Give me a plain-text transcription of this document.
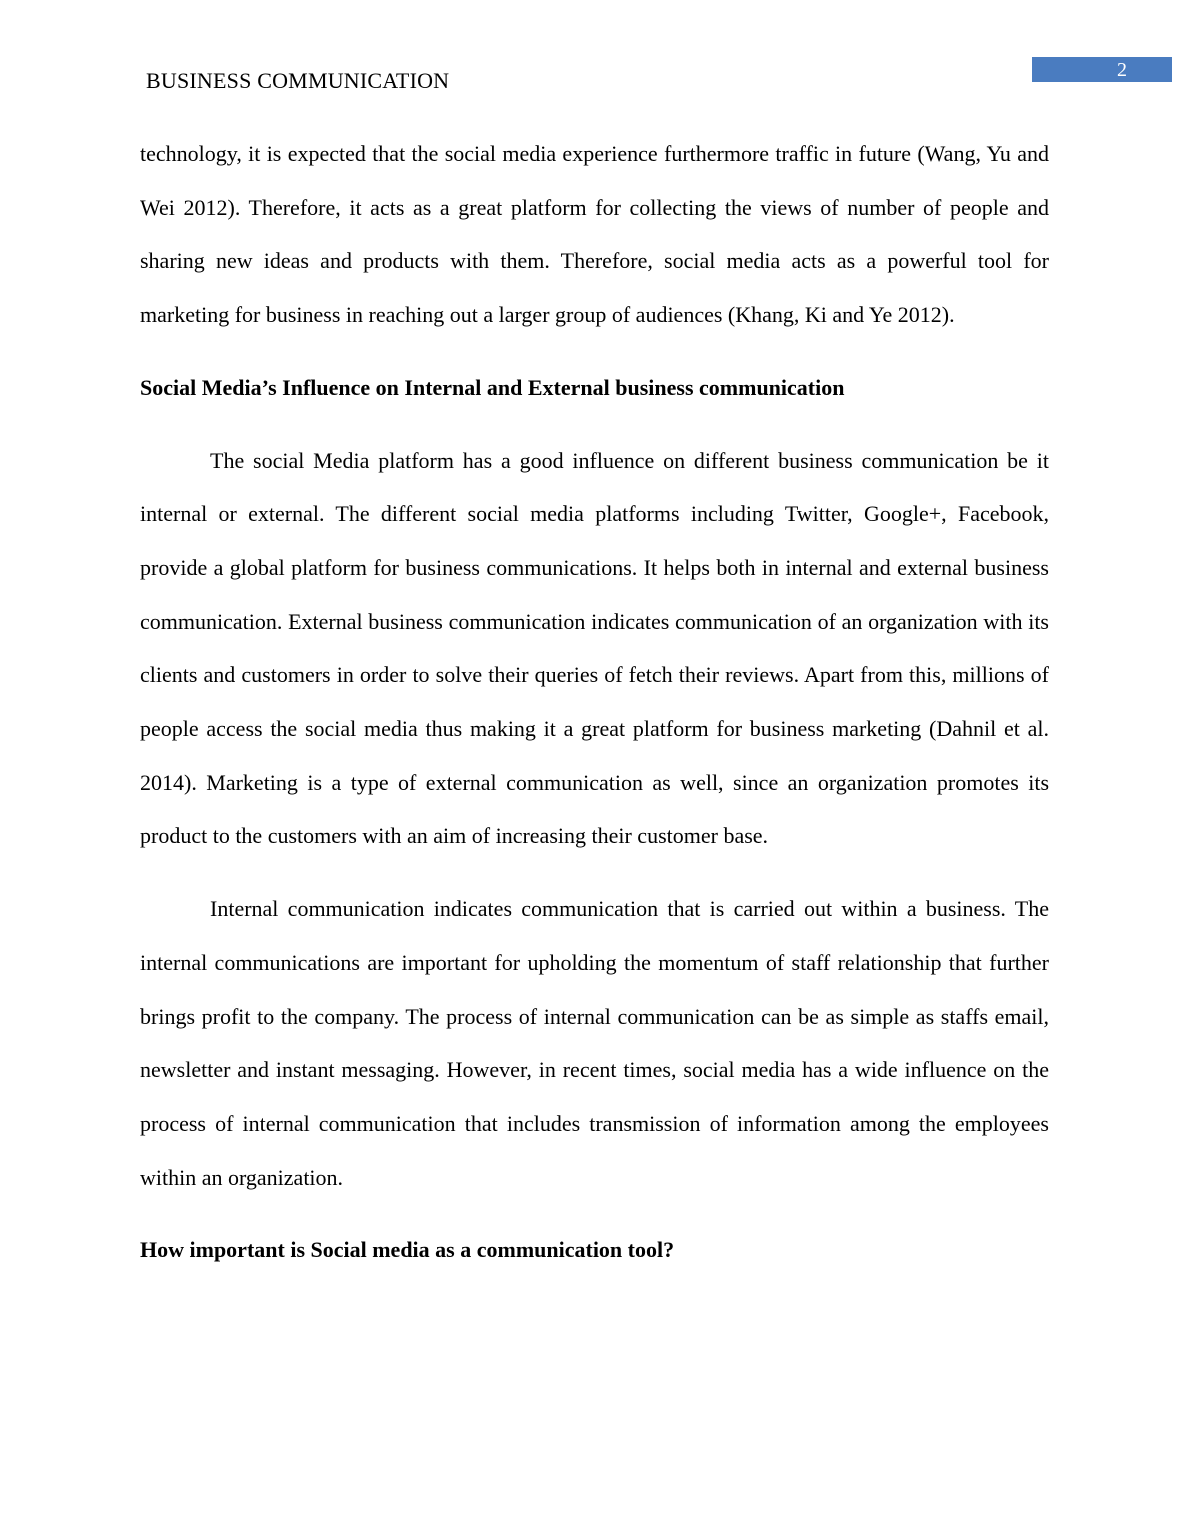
BUSINESS COMMUNICATION	2

technology, it is expected that the social media experience furthermore traffic in future (Wang, Yu and Wei 2012). Therefore, it acts as a great platform for collecting the views of number of people and sharing new ideas and products with them. Therefore, social media acts as a powerful tool for marketing for business in reaching out a larger group of audiences (Khang, Ki and Ye 2012).

Social Media’s Influence on Internal and External business communication

The social Media platform has a good influence on different business communication be it internal or external. The different social media platforms including Twitter, Google+, Facebook, provide a global platform for business communications. It helps both in internal and external business communication. External business communication indicates communication of an organization with its clients and customers in order to solve their queries of fetch their reviews. Apart from this, millions of people access the social media thus making it a great platform for business marketing (Dahnil et al. 2014). Marketing is a type of external communication as well, since an organization promotes its product to the customers with an aim of increasing their customer base.

Internal communication indicates communication that is carried out within a business. The internal communications are important for upholding the momentum of staff relationship that further brings profit to the company. The process of internal communication can be as simple as staffs email, newsletter and instant messaging. However, in recent times, social media has a wide influence on the process of internal communication that includes transmission of information among the employees within an organization.

How important is Social media as a communication tool?
